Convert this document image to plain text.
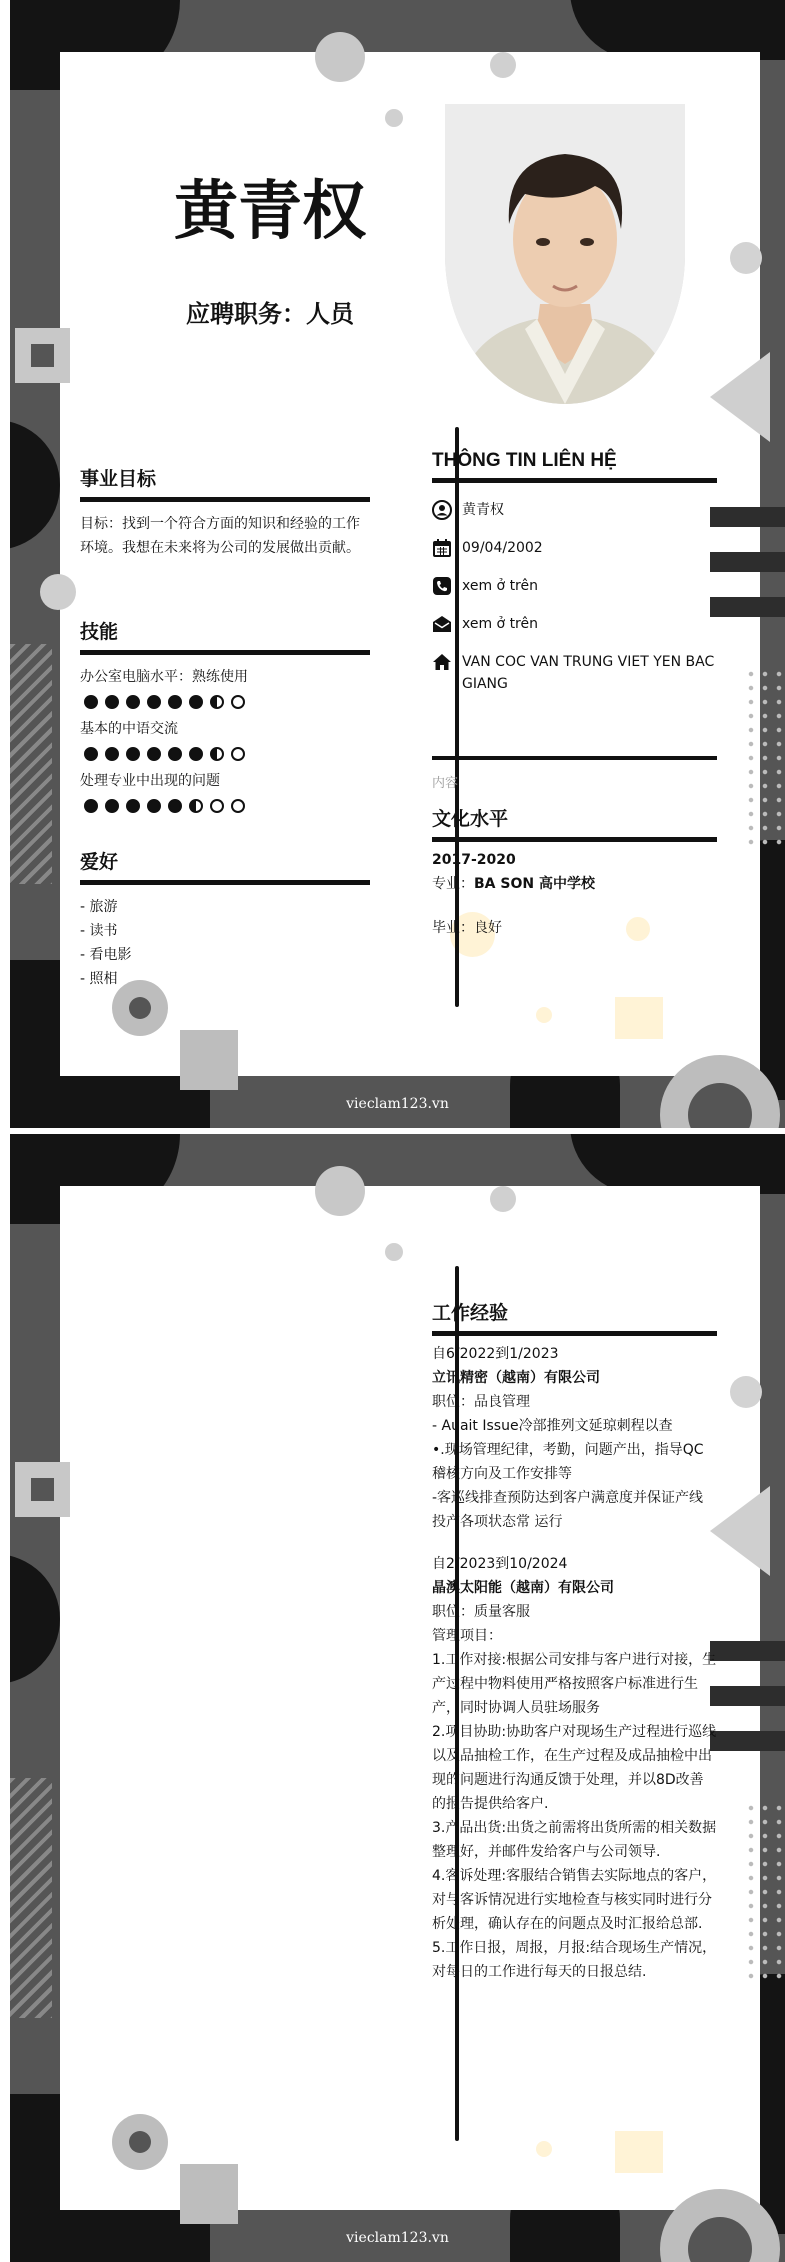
黄青权
应聘职务：人员
事业目标
目标：找到一个符合方面的知识和经验的工作环境。我想在未来将为公司的发展做出贡献。
技能
办公室电脑水平：熟练使用
基本的中语交流
处理专业中出现的问题
爱好
- 旅游
- 读书
- 看电影
- 照相
THÔNG TIN LIÊN HỆ
黄青权
09/04/2002
xem ở trên
xem ở trên
VAN COC VAN TRUNG VIET YEN BAC GIANG
内容
文化水平
2017-2020
专业：BA SON 高中学校
毕业：良好
vieclam123.vn
工作经验
自6/2022到1/2023
立讯精密（越南）有限公司
职位：品良管理
- Auait Issue冷部推列文延琼刺程以查
•.现场管理纪律，考勤，问题产出，指导QC稽核方向及工作安排等
-客巡线排查预防达到客户满意度并保证产线投产各项状态常 运行
自2/2023到10/2024
晶澳太阳能（越南）有限公司
职位：质量客服
管理项目：
1.工作对接:根据公司安排与客户进行对接，生产过程中物料使用严格按照客户标准进行生产，同时协调人员驻场服务
2.项目协助:协助客户对现场生产过程进行巡线以及品抽检工作，在生产过程及成品抽检中出现的问题进行沟通反馈于处理，并以8D改善的报告提供给客户.
3.产品出货:出货之前需将出货所需的相关数据整理好，并邮件发给客户与公司领导.
4.客诉处理:客服结合销售去实际地点的客户，对与客诉情况进行实地检查与核实同时进行分析处理，确认存在的问题点及时汇报给总部.
5.工作日报，周报，月报:结合现场生产情况，对每日的工作进行每天的日报总结.
vieclam123.vn
